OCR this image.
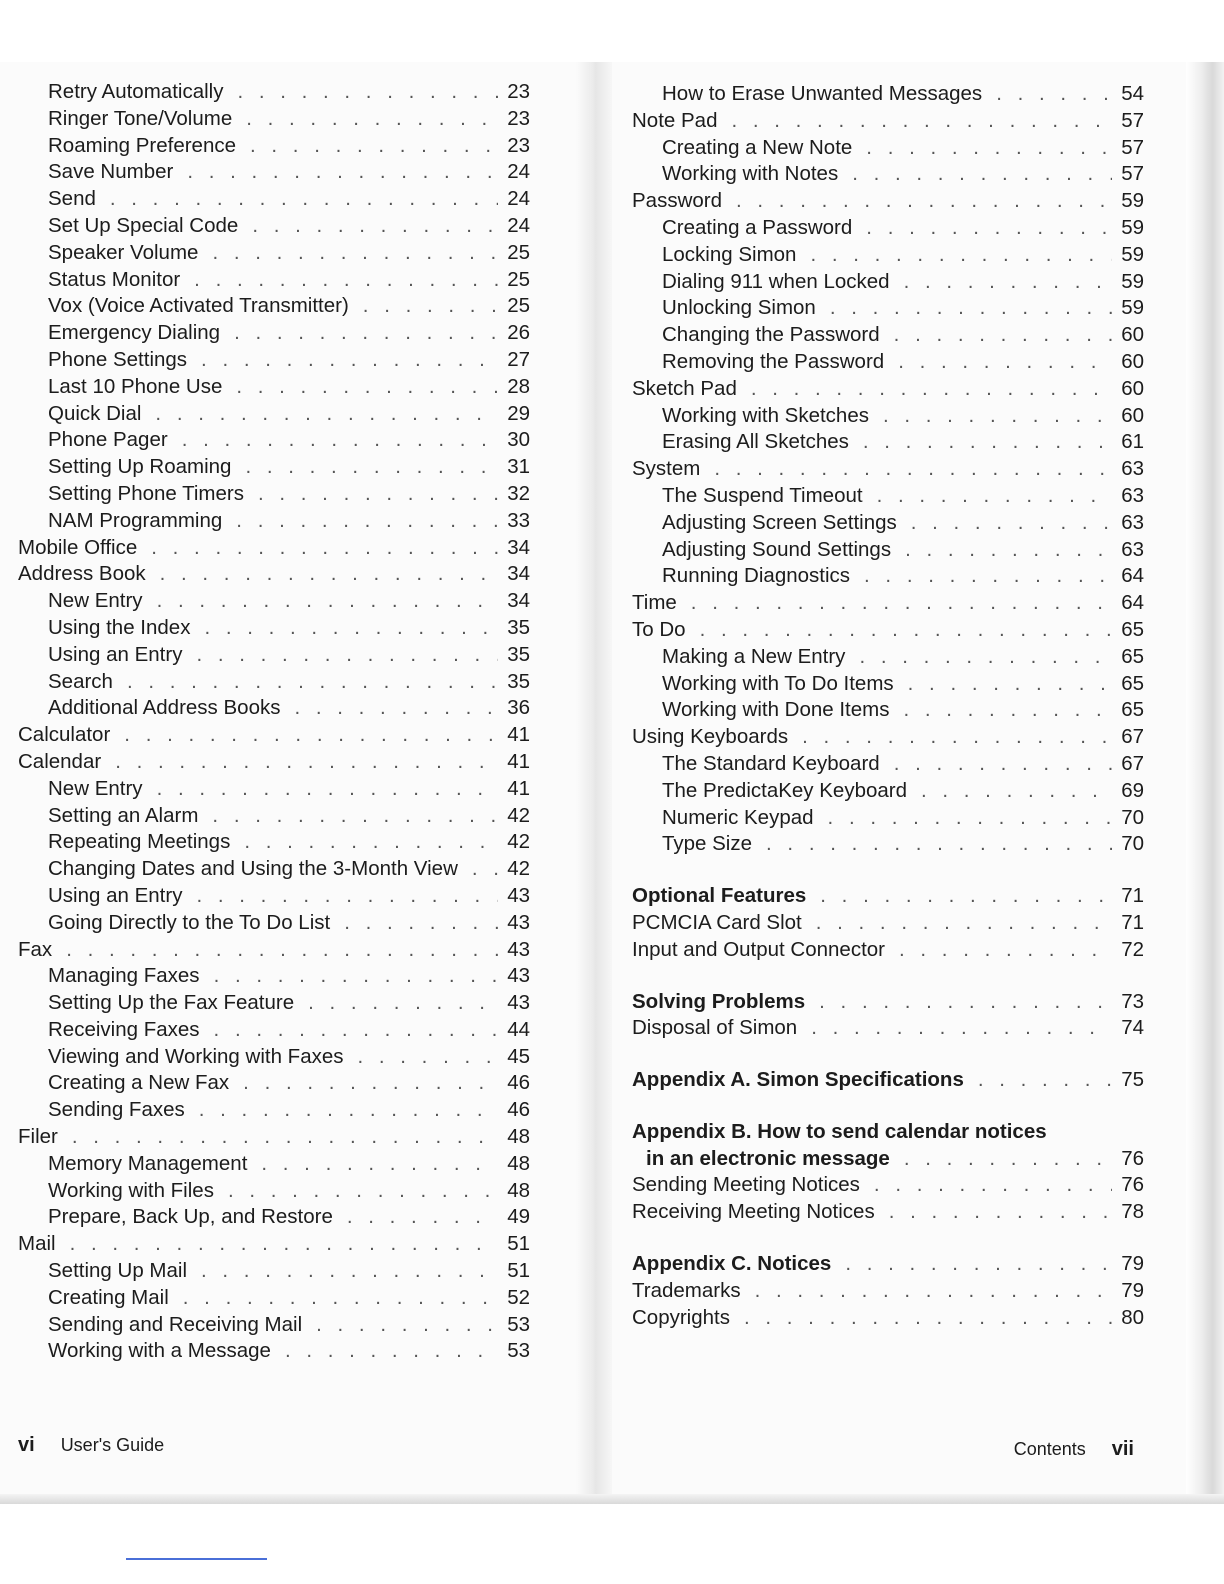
Retry Automatically . . .	23
Ringer Tone/Volume . . .	23
Roaming Preference . . .	23
Save Number . . .	24
Send . . .	24
Set Up Special Code . . .	24
Speaker Volume . . .	25
Status Monitor . . .	25
Vox (Voice Activated Transmitter) . . .	25
Emergency Dialing . . .	26
Phone Settings . . .	27
Last 10 Phone Use . . .	28
Quick Dial . . .	29
Phone Pager . . .	30
Setting Up Roaming . . .	31
Setting Phone Timers . . .	32
NAM Programming . . .	33
Mobile Office . . .	34
Address Book . . .	34
New Entry . . .	34
Using the Index . . .	35
Using an Entry . . .	35
Search . . .	35
Additional Address Books . . .	36
Calculator . . .	41
Calendar . . .	41
New Entry . . .	41
Setting an Alarm . . .	42
Repeating Meetings . . .	42
Changing Dates and Using the 3-Month View . . . 42
Using an Entry . . .	43
Going Directly to the To Do List . . .	43
Fax . . .	43
Managing Faxes . . .	43
Setting Up the Fax Feature . . .	43
Receiving Faxes . . .	44
Viewing and Working with Faxes . . .	45
Creating a New Fax . . .	46
Sending Faxes . . .	46
Filer . . .	48
Memory Management . . .	48
Working with Files . . .	48
Prepare, Back Up, and Restore . . .	49
Mail . . .	51
Setting Up Mail . . .	51
Creating Mail . . .	52
Sending and Receiving Mail . . .	53
Working with a Message . . .	53
How to Erase Unwanted Messages . . .	54
Note Pad . . .	57
Creating a New Note . . .	57
Working with Notes . . .	57
Password . . .	59
Creating a Password . . .	59
Locking Simon . . .	59
Dialing 911 when Locked . . .	59
Unlocking Simon . . .	59
Changing the Password . . .	60
Removing the Password . . .	60
Sketch Pad . . .	60
Working with Sketches . . .	60
Erasing All Sketches . . .	61
System . . .	63
The Suspend Timeout . . .	63
Adjusting Screen Settings . . .	63
Adjusting Sound Settings . . .	63
Running Diagnostics . . .	64
Time . . .	64
To Do . . .	65
Making a New Entry . . .	65
Working with To Do Items . . .	65
Working with Done Items . . .	65
Using Keyboards . . .	67
The Standard Keyboard . . .	67
The PredictaKey Keyboard . . .	69
Numeric Keypad . . .	70
Type Size . . .	70
Optional Features . . .	71
PCMCIA Card Slot . . .	71
Input and Output Connector . . .	72
Solving Problems . . .	73
Disposal of Simon . . .	74
Appendix A. Simon Specifications . . .	75
Appendix B. How to send calendar notices
in an electronic message . . .	76
Sending Meeting Notices . . .	76
Receiving Meeting Notices . . .	78
Appendix C. Notices . . .	79
Trademarks . . .	79
Copyrights . . .	80
vi User's Guide	Contents vii
